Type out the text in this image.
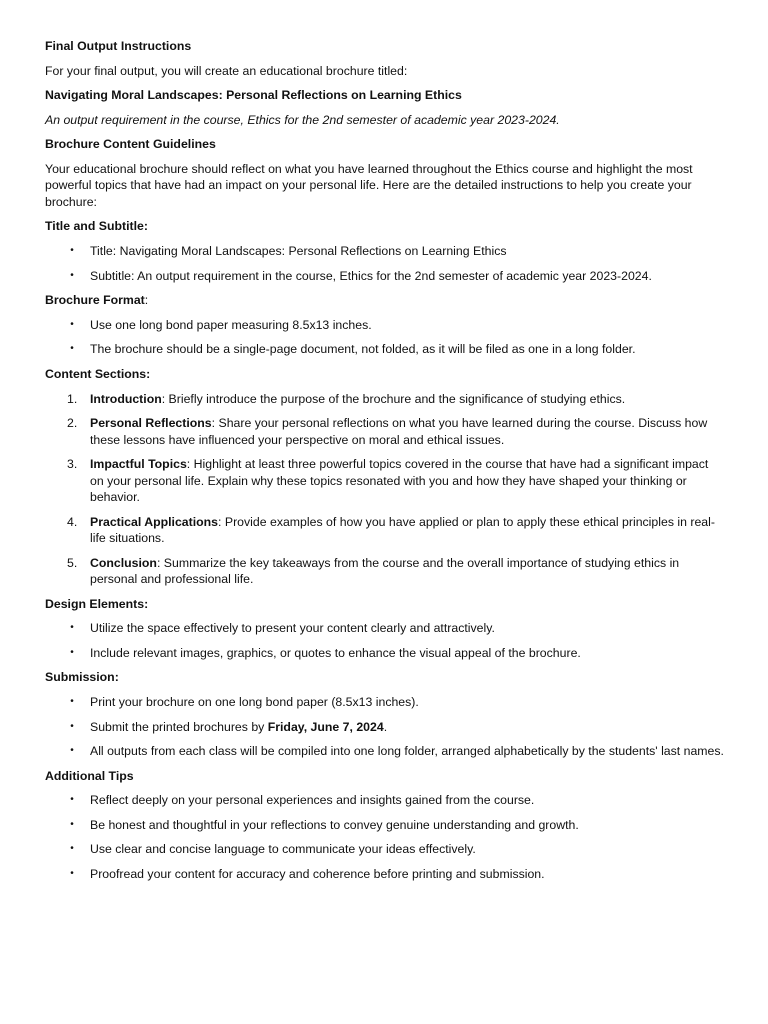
Final Output Instructions

For your final output, you will create an educational brochure titled:

Navigating Moral Landscapes: Personal Reflections on Learning Ethics

An output requirement in the course, Ethics for the 2nd semester of academic year 2023-2024.

Brochure Content Guidelines

Your educational brochure should reflect on what you have learned throughout the Ethics course and highlight the most powerful topics that have had an impact on your personal life. Here are the detailed instructions to help you create your brochure:

Title and Subtitle:

•	Title: Navigating Moral Landscapes: Personal Reflections on Learning Ethics
•	Subtitle: An output requirement in the course, Ethics for the 2nd semester of academic year 2023-2024.

Brochure Format:

•	Use one long bond paper measuring 8.5x13 inches.
•	The brochure should be a single-page document, not folded, as it will be filed as one in a long folder.

Content Sections:

1.	Introduction: Briefly introduce the purpose of the brochure and the significance of studying ethics.
2.	Personal Reflections: Share your personal reflections on what you have learned during the course. Discuss how these lessons have influenced your perspective on moral and ethical issues.
3.	Impactful Topics: Highlight at least three powerful topics covered in the course that have had a significant impact on your personal life. Explain why these topics resonated with you and how they have shaped your thinking or behavior.
4.	Practical Applications: Provide examples of how you have applied or plan to apply these ethical principles in real-life situations.
5.	Conclusion: Summarize the key takeaways from the course and the overall importance of studying ethics in personal and professional life.

Design Elements:

•	Utilize the space effectively to present your content clearly and attractively.
•	Include relevant images, graphics, or quotes to enhance the visual appeal of the brochure.

Submission:

•	Print your brochure on one long bond paper (8.5x13 inches).
•	Submit the printed brochures by Friday, June 7, 2024.
•	All outputs from each class will be compiled into one long folder, arranged alphabetically by the students' last names.

Additional Tips

•	Reflect deeply on your personal experiences and insights gained from the course.
•	Be honest and thoughtful in your reflections to convey genuine understanding and growth.
•	Use clear and concise language to communicate your ideas effectively.
•	Proofread your content for accuracy and coherence before printing and submission.
